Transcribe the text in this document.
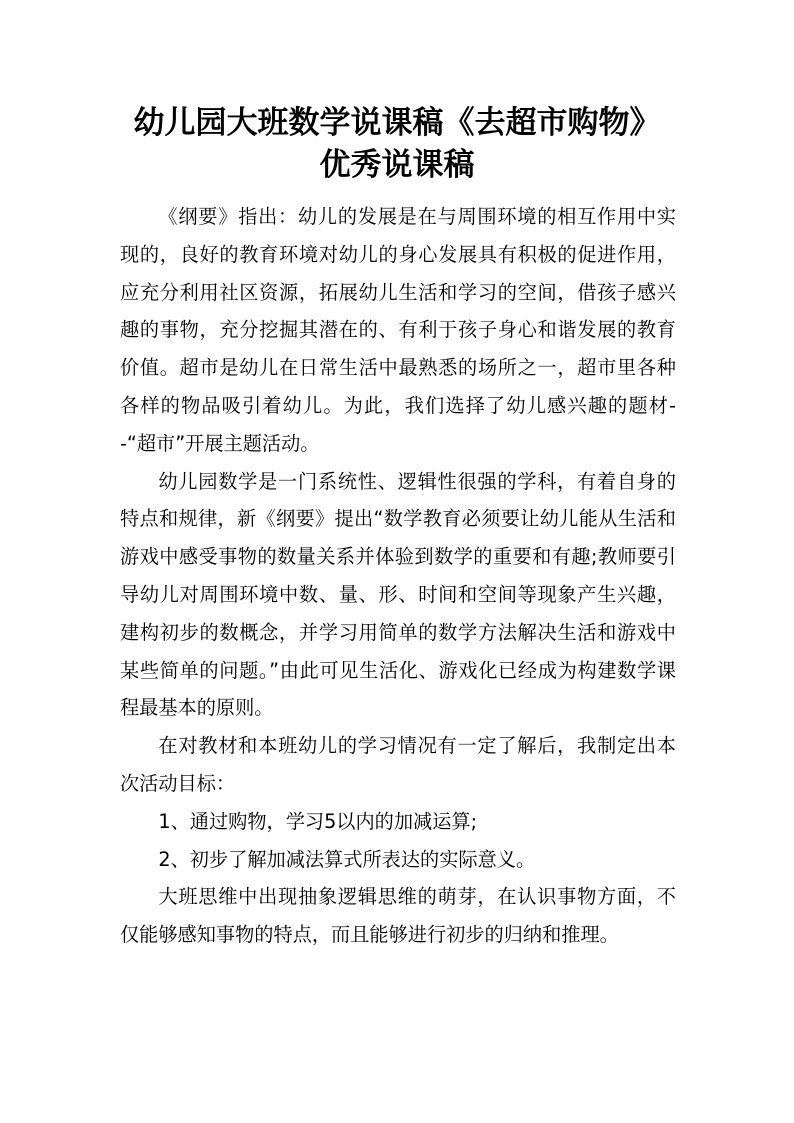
幼儿园大班数学说课稿《去超市购物》
优秀说课稿

《纲要》指出：幼儿的发展是在与周围环境的相互作用中实现的，良好的教育环境对幼儿的身心发展具有积极的促进作用，应充分利用社区资源，拓展幼儿生活和学习的空间，借孩子感兴趣的事物，充分挖掘其潜在的、有利于孩子身心和谐发展的教育价值。超市是幼儿在日常生活中最熟悉的场所之一，超市里各种各样的物品吸引着幼儿。为此，我们选择了幼儿感兴趣的题材--“超市”开展主题活动。

幼儿园数学是一门系统性、逻辑性很强的学科，有着自身的特点和规律，新《纲要》提出“数学教育必须要让幼儿能从生活和游戏中感受事物的数量关系并体验到数学的重要和有趣;教师要引导幼儿对周围环境中数、量、形、时间和空间等现象产生兴趣，建构初步的数概念，并学习用简单的数学方法解决生活和游戏中某些简单的问题。”由此可见生活化、游戏化已经成为构建数学课程最基本的原则。

在对教材和本班幼儿的学习情况有一定了解后，我制定出本次活动目标：

1、通过购物，学习5以内的加减运算;

2、初步了解加减法算式所表达的实际意义。

大班思维中出现抽象逻辑思维的萌芽，在认识事物方面，不仅能够感知事物的特点，而且能够进行初步的归纳和推理。
